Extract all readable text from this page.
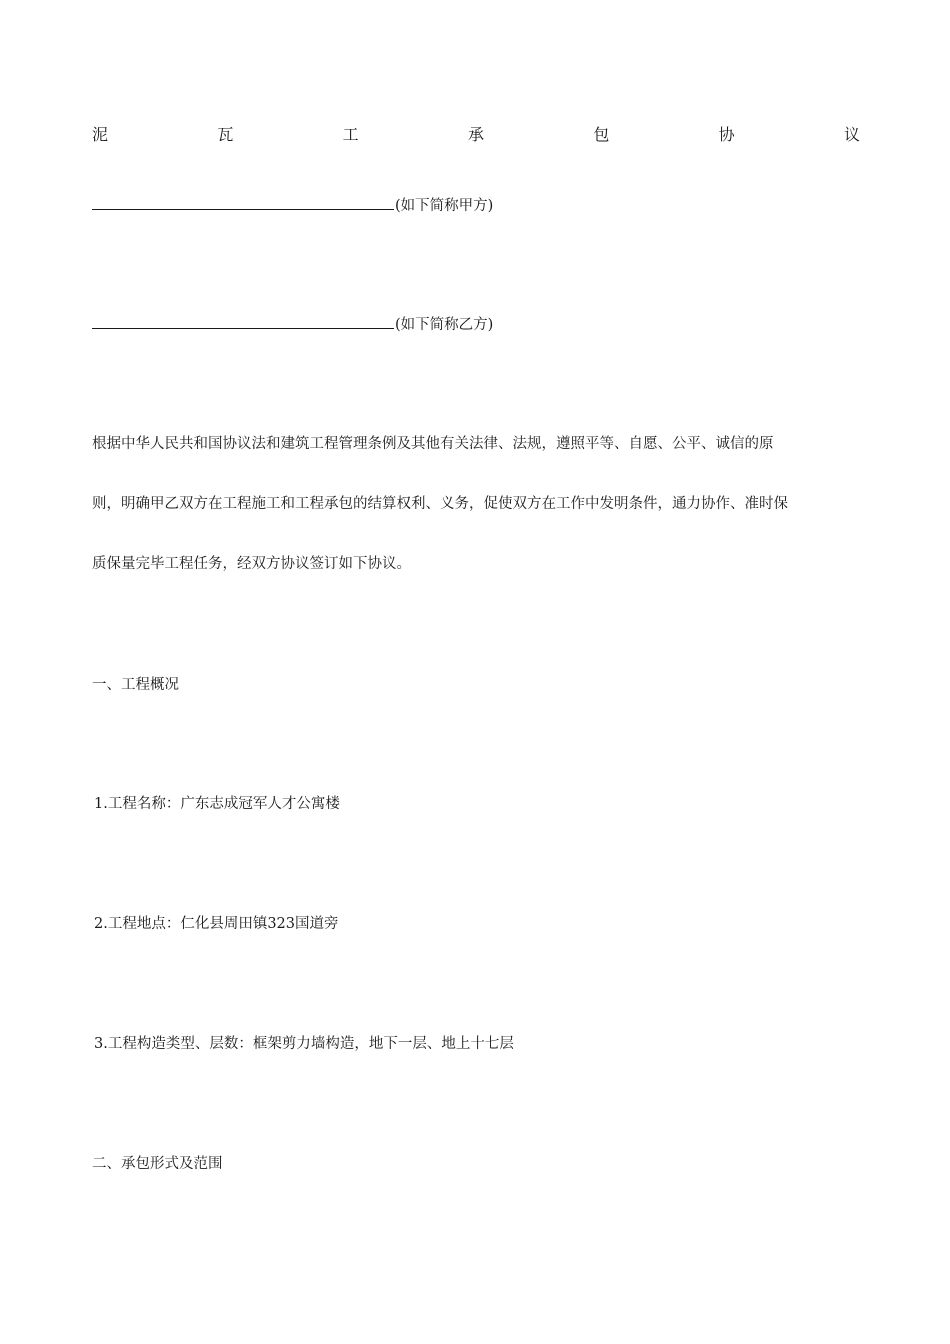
泥	瓦	工	承	包	协	议
(如下简称甲方)
(如下简称乙方)
根据中华人民共和国协议法和建筑工程管理条例及其他有关法律、法规，遵照平等、自愿、公平、诚信的原
则，明确甲乙双方在工程施工和工程承包的结算权利、义务，促使双方在工作中发明条件，通力协作、准时保
质保量完毕工程任务，经双方协议签订如下协议。
一、工程概况
1.工程名称：广东志成冠军人才公寓楼
2.工程地点：仁化县周田镇323国道旁
3.工程构造类型、层数：框架剪力墙构造，地下一层、地上十七层
二、承包形式及范围
